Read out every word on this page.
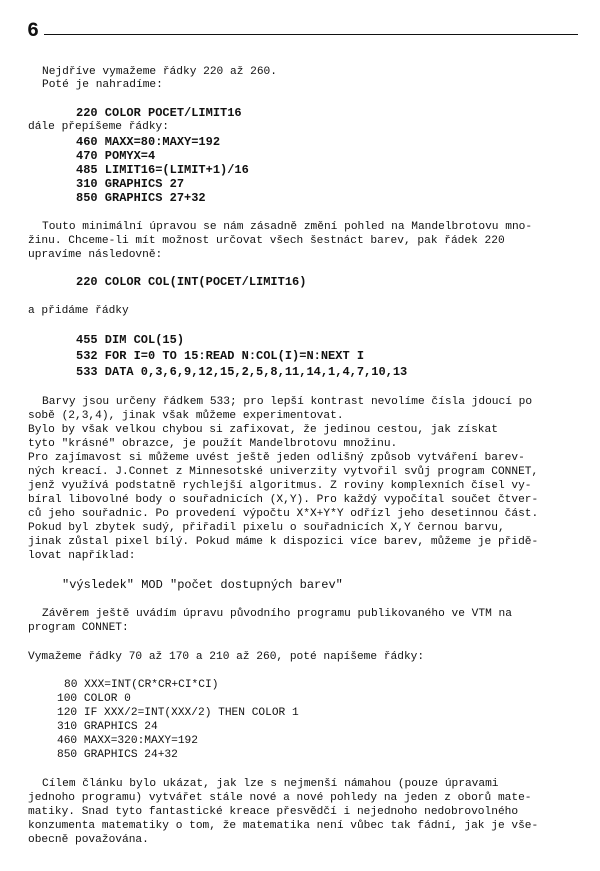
6
Nejdříve vymažeme řádky 220 až 260.
Poté je nahradíme:
220 COLOR POCET/LIMIT16
dále přepíšeme řádky:
460 MAXX=80:MAXY=192
470 POMYX=4
485 LIMIT16=(LIMIT+1)/16
310 GRAPHICS 27
850 GRAPHICS 27+32
Touto minimální úpravou se nám zásadně změní pohled na Mandelbrotovu mno-
žinu. Chceme-li mít možnost určovat všech šestnáct barev, pak řádek 220
upravíme následovně:
220 COLOR COL(INT(POCET/LIMIT16)
a přidáme řádky
455 DIM COL(15)
532 FOR I=0 TO 15:READ N:COL(I)=N:NEXT I
533 DATA 0,3,6,9,12,15,2,5,8,11,14,1,4,7,10,13
Barvy jsou určeny řádkem 533; pro lepší kontrast nevolíme čísla jdoucí po
sobě (2,3,4), jinak však můžeme experimentovat.
Bylo by však velkou chybou si zafixovat, že jedinou cestou, jak získat
tyto "krásné" obrazce, je použít Mandelbrotovu množinu.
Pro zajímavost si můžeme uvést ještě jeden odlišný způsob vytváření barev-
ných kreací. J.Connet z Minnesotské univerzity vytvořil svůj program CONNET,
jenž využívá podstatně rychlejší algoritmus. Z roviny komplexních čísel vy-
bíral libovolné body o souřadnicích (X,Y). Pro každý vypočítal součet čtver-
ců jeho souřadnic. Po provedení výpočtu X*X+Y*Y odřízl jeho desetinnou část.
Pokud byl zbytek sudý, přiřadil pixelu o souřadnicích X,Y černou barvu,
jinak zůstal pixel bílý. Pokud máme k dispozici více barev, můžeme je přidě-
lovat například:
"výsledek" MOD "počet dostupných barev"
Závěrem ještě uvádím úpravu původního programu publikovaného ve VTM na
program CONNET:
Vymažeme řádky 70 až 170 a 210 až 260, poté napíšeme řádky:
80 XXX=INT(CR*CR+CI*CI)
100 COLOR 0
120 IF XXX/2=INT(XXX/2) THEN COLOR 1
310 GRAPHICS 24
460 MAXX=320:MAXY=192
850 GRAPHICS 24+32
Cílem článku bylo ukázat, jak lze s nejmenší námahou (pouze úpravami
jednoho programu) vytvářet stále nové a nové pohledy na jeden z oborů mate-
matiky. Snad tyto fantastické kreace přesvědčí i nejednoho nedobrovolného
konzumenta matematiky o tom, že matematika není vůbec tak fádní, jak je vše-
obecně považována.
